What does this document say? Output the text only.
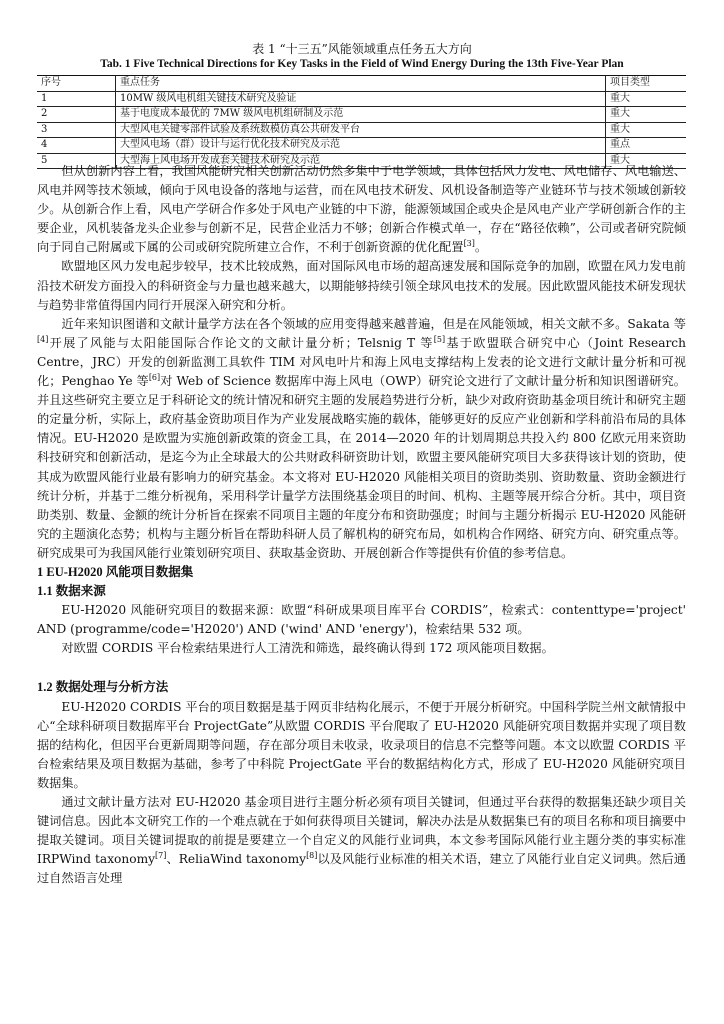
表 1 “十三五”风能领域重点任务五大方向
Tab. 1 Five Technical Directions for Key Tasks in the Field of Wind Energy During the 13th Five-Year Plan
序号	重点任务	项目类型
1	10MW 级风电机组关键技术研究及验证	重大
2	基于电度成本最优的 7MW 级风电机组研制及示范	重大
3	大型风电关键零部件试验及系统数模仿真公共研发平台	重大
4	大型风电场（群）设计与运行优化技术研究及示范	重点
5	大型海上风电场开发成套关键技术研究及示范	重大

但从创新内容上看，我国风能研究相关创新活动仍然多集中于电学领域，具体包括风力发电、风电储存、风电输送、风电并网等技术领域，倾向于风电设备的落地与运营，而在风电技术研发、风机设备制造等产业链环节与技术领域创新较少。从创新合作上看，风电产学研合作多处于风电产业链的中下游，能源领域国企或央企是风电产业产学研创新合作的主要企业，风机装备龙头企业参与创新不足，民营企业活力不够；创新合作模式单一，存在“路径依赖”，公司或者研究院倾向于同自己附属或下属的公司或研究院所建立合作，不利于创新资源的优化配置[3]。

欧盟地区风力发电起步较早，技术比较成熟，面对国际风电市场的超高速发展和国际竞争的加剧，欧盟在风力发电前沿技术研发方面投入的科研资金与力量也越来越大，以期能够持续引领全球风电技术的发展。因此欧盟风能技术研发现状与趋势非常值得国内同行开展深入研究和分析。

近年来知识图谱和文献计量学方法在各个领域的应用变得越来越普遍，但是在风能领域，相关文献不多。Sakata 等[4]开展了风能与太阳能国际合作论文的文献计量分析；Telsnig T 等[5]基于欧盟联合研究中心（Joint Research Centre，JRC）开发的创新监测工具软件 TIM 对风电叶片和海上风电支撑结构上发表的论文进行文献计量分析和可视化；Penghao Ye 等[6]对 Web of Science 数据库中海上风电（OWP）研究论文进行了文献计量分析和知识图谱研究。并且这些研究主要立足于科研论文的统计情况和研究主题的发展趋势进行分析，缺少对政府资助基金项目统计和研究主题的定量分析，实际上，政府基金资助项目作为产业发展战略实施的载体，能够更好的反应产业创新和学科前沿布局的具体情况。EU-H2020 是欧盟为实施创新政策的资金工具，在 2014—2020 年的计划周期总共投入约 800 亿欧元用来资助科技研究和创新活动，是迄今为止全球最大的公共财政科研资助计划，欧盟主要风能研究项目大多获得该计划的资助，使其成为欧盟风能行业最有影响力的研究基金。本文将对 EU-H2020 风能相关项目的资助类别、资助数量、资助金额进行统计分析，并基于二维分析视角，采用科学计量学方法围绕基金项目的时间、机构、主题等展开综合分析。其中，项目资助类别、数量、金额的统计分析旨在探索不同项目主题的年度分布和资助强度；时间与主题分析揭示 EU-H2020 风能研究的主题演化态势；机构与主题分析旨在帮助科研人员了解机构的研究布局，如机构合作网络、研究方向、研究重点等。研究成果可为我国风能行业策划研究项目、获取基金资助、开展创新合作等提供有价值的参考信息。

1 EU-H2020 风能项目数据集
1.1 数据来源

EU-H2020 风能研究项目的数据来源：欧盟“科研成果项目库平台 CORDIS”，检索式：contenttype='project' AND (programme/code='H2020') AND ('wind' AND 'energy')，检索结果 532 项。

对欧盟 CORDIS 平台检索结果进行人工清洗和筛选，最终确认得到 172 项风能项目数据。

1.2 数据处理与分析方法

EU-H2020 CORDIS 平台的项目数据是基于网页非结构化展示，不便于开展分析研究。中国科学院兰州文献情报中心“全球科研项目数据库平台 ProjectGate”从欧盟 CORDIS 平台爬取了 EU-H2020 风能研究项目数据并实现了项目数据的结构化，但因平台更新周期等问题，存在部分项目未收录，收录项目的信息不完整等问题。本文以欧盟 CORDIS 平台检索结果及项目数据为基础，参考了中科院 ProjectGate 平台的数据结构化方式，形成了 EU-H2020 风能研究项目数据集。

通过文献计量方法对 EU-H2020 基金项目进行主题分析必须有项目关键词，但通过平台获得的数据集还缺少项目关键词信息。因此本文研究工作的一个难点就在于如何获得项目关键词，解决办法是从数据集已有的项目名称和项目摘要中提取关键词。项目关键词提取的前提是要建立一个自定义的风能行业词典，本文参考国际风能行业主题分类的事实标准 IRPWind taxonomy[7]、ReliaWind taxonomy[8]以及风能行业标准的相关术语，建立了风能行业自定义词典。然后通过自然语言处理
